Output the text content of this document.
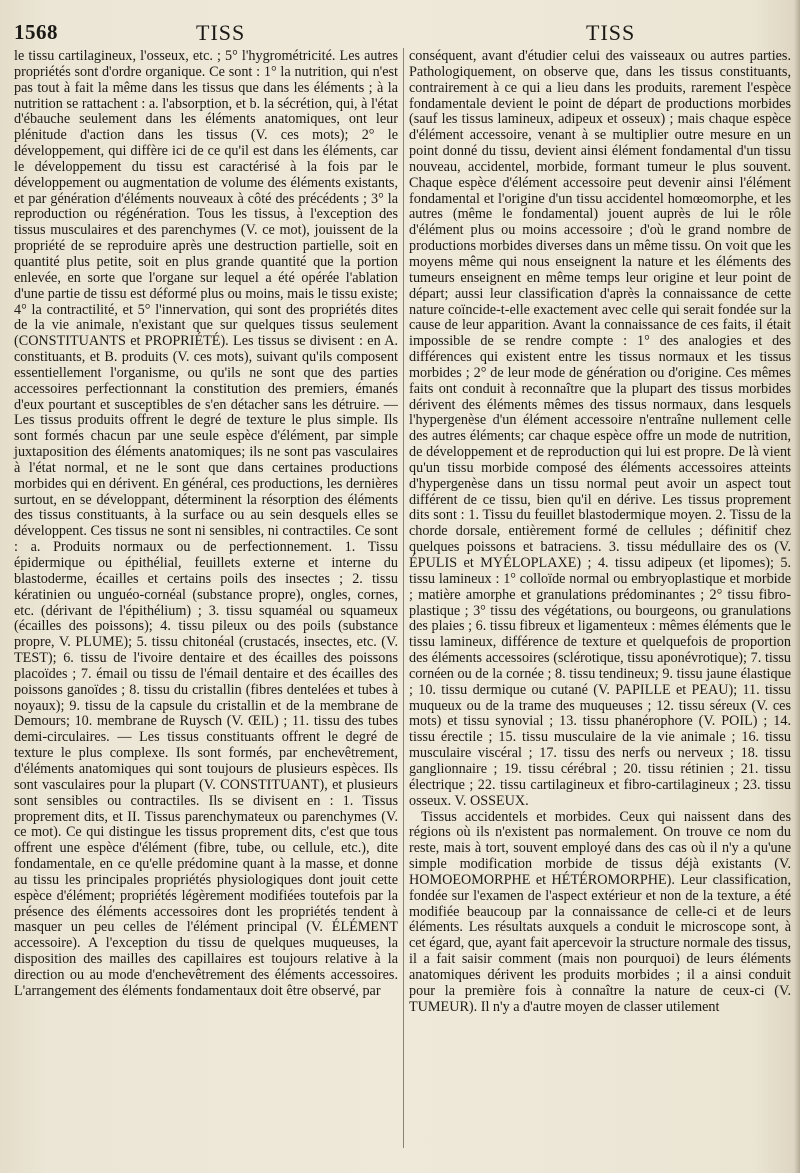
1568	TISS	TISS

le tissu cartilagineux, l'osseux, etc. ; 5° l'hygrométricité. Les autres propriétés sont d'ordre organique. Ce sont : 1° la nutrition, qui n'est pas tout à fait la même dans les tissus que dans les éléments ; à la nutrition se rattachent : a. l'absorption, et b. la sécrétion, qui, à l'état d'ébauche seulement dans les éléments anatomiques, ont leur plénitude d'action dans les tissus (V. ces mots); 2° le développement, qui diffère ici de ce qu'il est dans les éléments, car le développement du tissu est caractérisé à la fois par le développement ou augmentation de volume des éléments existants, et par génération d'éléments nouveaux à côté des précédents ; 3° la reproduction ou régénération. Tous les tissus, à l'exception des tissus musculaires et des parenchymes (V. ce mot), jouissent de la propriété de se reproduire après une destruction partielle, soit en quantité plus petite, soit en plus grande quantité que la portion enlevée, en sorte que l'organe sur lequel a été opérée l'ablation d'une partie de tissu est déformé plus ou moins, mais le tissu existe; 4° la contractilité, et 5° l'innervation, qui sont des propriétés dites de la vie animale, n'existant que sur quelques tissus seulement (CONSTITUANTS et PROPRIÉTÉ). Les tissus se divisent : en A. constituants, et B. produits (V. ces mots), suivant qu'ils composent essentiellement l'organisme, ou qu'ils ne sont que des parties accessoires perfectionnant la constitution des premiers, émanés d'eux pourtant et susceptibles de s'en détacher sans les détruire. — Les tissus produits offrent le degré de texture le plus simple. Ils sont formés chacun par une seule espèce d'élément, par simple juxtaposition des éléments anatomiques; ils ne sont pas vasculaires à l'état normal, et ne le sont que dans certaines productions morbides qui en dérivent. En général, ces productions, les dernières surtout, en se développant, déterminent la résorption des éléments des tissus constituants, à la surface ou au sein desquels elles se développent. Ces tissus ne sont ni sensibles, ni contractiles. Ce sont : a. Produits normaux ou de perfectionnement. 1. Tissu épidermique ou épithélial, feuillets externe et interne du blastoderme, écailles et certains poils des insectes ; 2. tissu kératinien ou unguéo-cornéal (substance propre), ongles, cornes, etc. (dérivant de l'épithélium) ; 3. tissu squaméal ou squameux (écailles des poissons); 4. tissu pileux ou des poils (substance propre, V. PLUME); 5. tissu chitonéal (crustacés, insectes, etc. (V. TEST); 6. tissu de l'ivoire dentaire et des écailles des poissons placoïdes ; 7. émail ou tissu de l'émail dentaire et des écailles des poissons ganoïdes ; 8. tissu du cristallin (fibres dentelées et tubes à noyaux); 9. tissu de la capsule du cristallin et de la membrane de Demours; 10. membrane de Ruysch (V. ŒIL) ; 11. tissu des tubes demi-circulaires. — Les tissus constituants offrent le degré de texture le plus complexe. Ils sont formés, par enchevêtrement, d'éléments anatomiques qui sont toujours de plusieurs espèces. Ils sont vasculaires pour la plupart (V. CONSTITUANT), et plusieurs sont sensibles ou contractiles. Ils se divisent en : 1. Tissus proprement dits, et II. Tissus parenchymateux ou parenchymes (V. ce mot). Ce qui distingue les tissus proprement dits, c'est que tous offrent une espèce d'élément (fibre, tube, ou cellule, etc.), dite fondamentale, en ce qu'elle prédomine quant à la masse, et donne au tissu les principales propriétés physiologiques dont jouit cette espèce d'élément; propriétés légèrement modifiées toutefois par la présence des éléments accessoires dont les propriétés tendent à masquer un peu celles de l'élément principal (V. ÉLÉMENT accessoire). A l'exception du tissu de quelques muqueuses, la disposition des mailles des capillaires est toujours relative à la direction ou au mode d'enchevêtrement des éléments accessoires. L'arrangement des éléments fondamentaux doit être observé, par

conséquent, avant d'étudier celui des vaisseaux ou autres parties. Pathologiquement, on observe que, dans les tissus constituants, contrairement à ce qui a lieu dans les produits, rarement l'espèce fondamentale devient le point de départ de productions morbides (sauf les tissus lamineux, adipeux et osseux) ; mais chaque espèce d'élément accessoire, venant à se multiplier outre mesure en un point donné du tissu, devient ainsi élément fondamental d'un tissu nouveau, accidentel, morbide, formant tumeur le plus souvent. Chaque espèce d'élément accessoire peut devenir ainsi l'élément fondamental et l'origine d'un tissu accidentel homœomorphe, et les autres (même le fondamental) jouent auprès de lui le rôle d'élément plus ou moins accessoire ; d'où le grand nombre de productions morbides diverses dans un même tissu. On voit que les moyens même qui nous enseignent la nature et les éléments des tumeurs enseignent en même temps leur origine et leur point de départ; aussi leur classification d'après la connaissance de cette nature coïncide-t-elle exactement avec celle qui serait fondée sur la cause de leur apparition. Avant la connaissance de ces faits, il était impossible de se rendre compte : 1° des analogies et des différences qui existent entre les tissus normaux et les tissus morbides ; 2° de leur mode de génération ou d'origine. Ces mêmes faits ont conduit à reconnaître que la plupart des tissus morbides dérivent des éléments mêmes des tissus normaux, dans lesquels l'hypergenèse d'un élément accessoire n'entraîne nullement celle des autres éléments; car chaque espèce offre un mode de nutrition, de développement et de reproduction qui lui est propre. De là vient qu'un tissu morbide composé des éléments accessoires atteints d'hypergenèse dans un tissu normal peut avoir un aspect tout différent de ce tissu, bien qu'il en dérive. Les tissus proprement dits sont : 1. Tissu du feuillet blastodermique moyen. 2. Tissu de la chorde dorsale, entièrement formé de cellules ; définitif chez quelques poissons et batraciens. 3. tissu médullaire des os (V. ÉPULIS et MYÉLOPLAXE) ; 4. tissu adipeux (et lipomes); 5. tissu lamineux : 1° colloïde normal ou embryoplastique et morbide ; matière amorphe et granulations prédominantes ; 2° tissu fibro-plastique ; 3° tissu des végétations, ou bourgeons, ou granulations des plaies ; 6. tissu fibreux et ligamenteux : mêmes éléments que le tissu lamineux, différence de texture et quelquefois de proportion des éléments accessoires (sclérotique, tissu aponévrotique); 7. tissu cornéen ou de la cornée ; 8. tissu tendineux; 9. tissu jaune élastique ; 10. tissu dermique ou cutané (V. PAPILLE et PEAU); 11. tissu muqueux ou de la trame des muqueuses ; 12. tissu séreux (V. ces mots) et tissu synovial ; 13. tissu phanérophore (V. POIL) ; 14. tissu érectile ; 15. tissu musculaire de la vie animale ; 16. tissu musculaire viscéral ; 17. tissu des nerfs ou nerveux ; 18. tissu ganglionnaire ; 19. tissu cérébral ; 20. tissu rétinien ; 21. tissu électrique ; 22. tissu cartilagineux et fibro-cartilagineux ; 23. tissu osseux. V. OSSEUX.

Tissus accidentels et morbides. Ceux qui naissent dans des régions où ils n'existent pas normalement. On trouve ce nom du reste, mais à tort, souvent employé dans des cas où il n'y a qu'une simple modification morbide de tissus déjà existants (V. HOMOEOMORPHE et HÉTÉROMORPHE). Leur classification, fondée sur l'examen de l'aspect extérieur et non de la texture, a été modifiée beaucoup par la connaissance de celle-ci et de leurs éléments. Les résultats auxquels a conduit le microscope sont, à cet égard, que, ayant fait apercevoir la structure normale des tissus, il a fait saisir comment (mais non pourquoi) de leurs éléments anatomiques dérivent les produits morbides ; il a ainsi conduit pour la première fois à connaître la nature de ceux-ci (V. TUMEUR). Il n'y a d'autre moyen de classer utilement
